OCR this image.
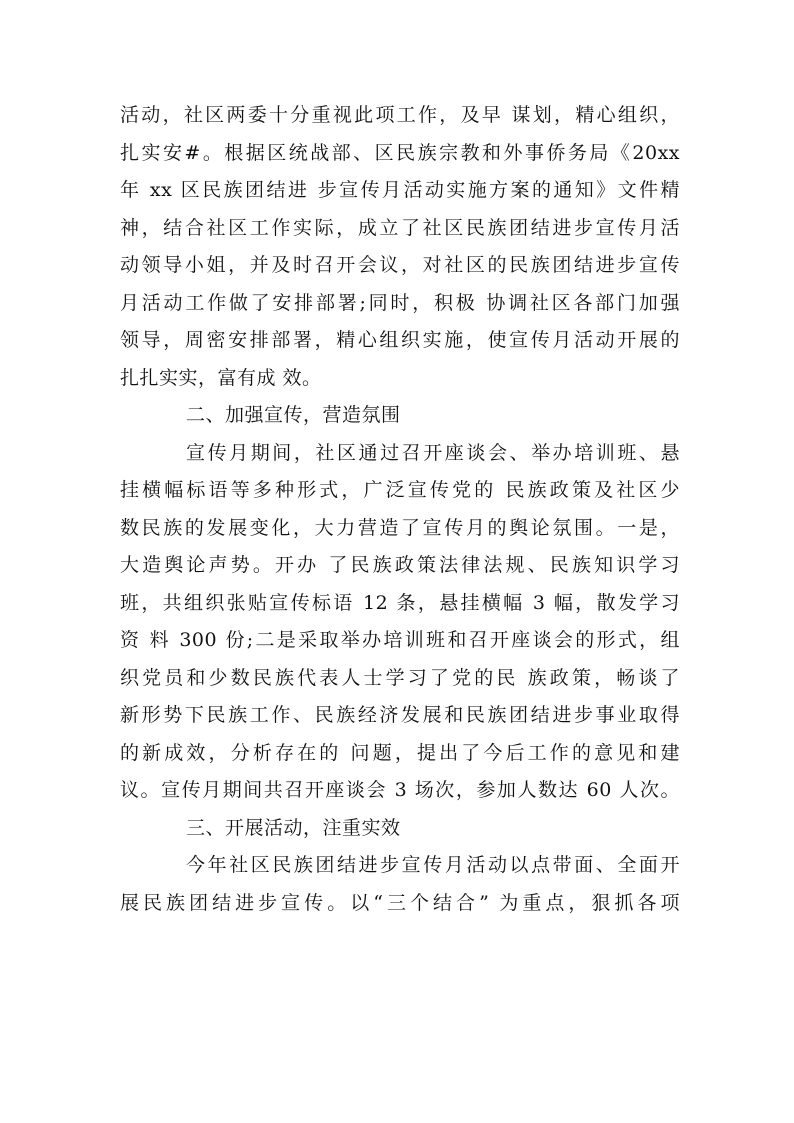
活动，社区两委十分重视此项工作，及早 谋划，精心组织，
扎实安#。根据区统战部、区民族宗教和外事侨务局《20xx
年 xx 区民族团结进 步宣传月活动实施方案的通知》文件精
神，结合社区工作实际，成立了社区民族团结进步宣传月活
动领导小姐，并及时召开会议，对社区的民族团结进步宣传
月活动工作做了安排部署;同时，积极 协调社区各部门加强
领导，周密安排部署，精心组织实施，使宣传月活动开展的
扎扎实实，富有成 效。
二、加强宣传，营造氛围
宣传月期间，社区通过召开座谈会、举办培训班、悬
挂横幅标语等多种形式，广泛宣传党的 民族政策及社区少
数民族的发展变化，大力营造了宣传月的舆论氛围。一是，
大造舆论声势。开办 了民族政策法律法规、民族知识学习
班，共组织张贴宣传标语 12 条，悬挂横幅 3 幅，散发学习
资 料 300 份;二是采取举办培训班和召开座谈会的形式，组
织党员和少数民族代表人士学习了党的民 族政策，畅谈了
新形势下民族工作、民族经济发展和民族团结进步事业取得
的新成效，分析存在的 问题，提出了今后工作的意见和建
议。宣传月期间共召开座谈会 3 场次，参加人数达 60 人次。
三、开展活动，注重实效
今年社区民族团结进步宣传月活动以点带面、全面开
展民族团结进步宣传。以“三个结合” 为重点，狠抓各项
